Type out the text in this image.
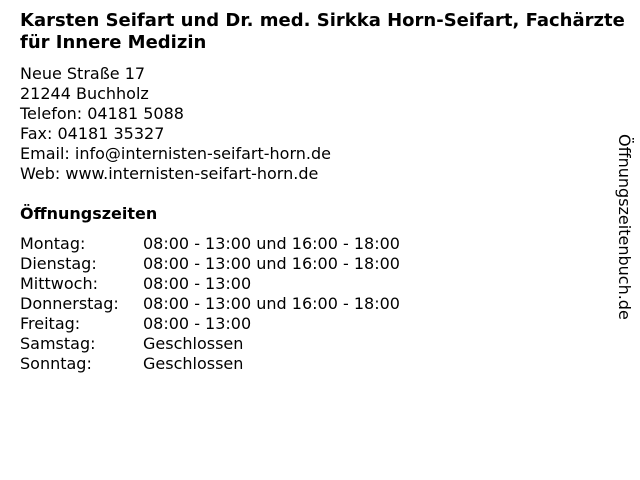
Karsten Seifart und Dr. med. Sirkka Horn-Seifart, Fachärzte für Innere Medizin
Neue Straße 17
21244 Buchholz
Telefon: 04181 5088
Fax: 04181 35327
Email: info@internisten-seifart-horn.de
Web: www.internisten-seifart-horn.de
Öffnungszeiten
Montag:	08:00 - 13:00 und 16:00 - 18:00
Dienstag:	08:00 - 13:00 und 16:00 - 18:00
Mittwoch:	08:00 - 13:00
Donnerstag:	08:00 - 13:00 und 16:00 - 18:00
Freitag:	08:00 - 13:00
Samstag:	Geschlossen
Sonntag:	Geschlossen
Öffnungszeitenbuch.de
